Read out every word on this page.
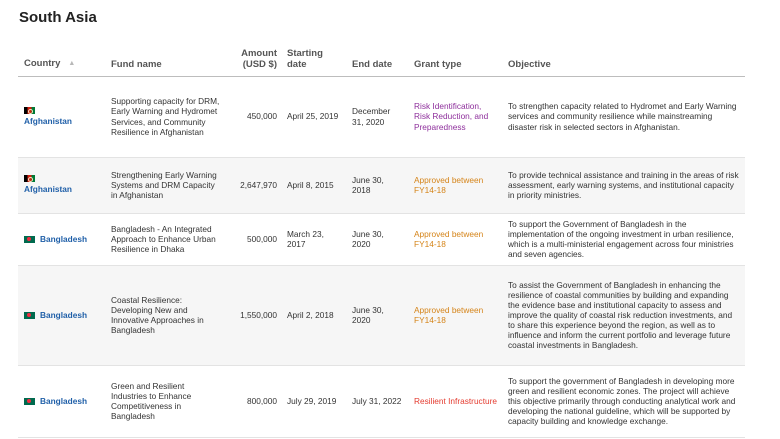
South Asia
Country ▲	Fund name	Amount (USD $)	Starting date	End date	Grant type	Objective

Afghanistan	Supporting capacity for DRM, Early Warning and Hydromet Services, and Community Resilience in Afghanistan	450,000	April 25, 2019	December 31, 2020	Risk Identification, Risk Reduction, and Preparedness	To strengthen capacity related to Hydromet and Early Warning services and community resilience while mainstreaming disaster risk in selected sectors in Afghanistan.

Afghanistan	Strengthening Early Warning Systems and DRM Capacity in Afghanistan	2,647,970	April 8, 2015	June 30, 2018	Approved between FY14-18	To provide technical assistance and training in the areas of risk assessment, early warning systems, and institutional capacity in priority ministries.

Bangladesh	Bangladesh - An Integrated Approach to Enhance Urban Resilience in Dhaka	500,000	March 23, 2017	June 30, 2020	Approved between FY14-18	To support the Government of Bangladesh in the implementation of the ongoing investment in urban resilience, which is a multi-ministerial engagement across four ministries and seven agencies.

Bangladesh	Coastal Resilience: Developing New and Innovative Approaches in Bangladesh	1,550,000	April 2, 2018	June 30, 2020	Approved between FY14-18	To assist the Government of Bangladesh in enhancing the resilience of coastal communities by building and expanding the evidence base and institutional capacity to assess and improve the quality of coastal risk reduction investments, and to share this experience beyond the region, as well as to influence and inform the current portfolio and leverage future coastal investments in Bangladesh.

Bangladesh	Green and Resilient Industries to Enhance Competitiveness in Bangladesh	800,000	July 29, 2019	July 31, 2022	Resilient Infrastructure	To support the government of Bangladesh in developing more green and resilient economic zones. The project will achieve this objective primarily through conducting analytical work and developing the national guideline, which will be supported by capacity building and knowledge exchange.
